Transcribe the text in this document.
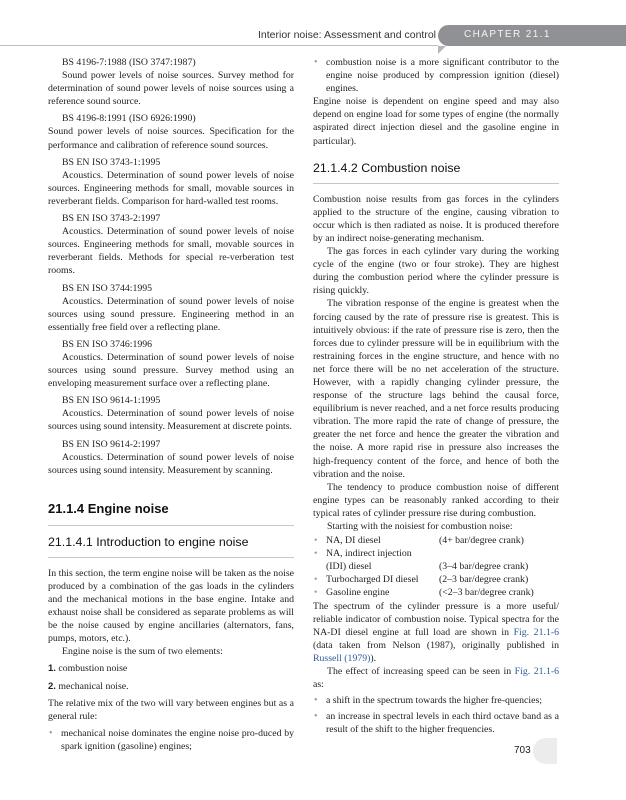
Interior noise: Assessment and control	CHAPTER 21.1

BS 4196-7:1988 (ISO 3747:1987)

Sound power levels of noise sources. Survey method for determination of sound power levels of noise sources using a reference sound source.

BS 4196-8:1991 (ISO 6926:1990)

Sound power levels of noise sources. Specification for the performance and calibration of reference sound sources.

BS EN ISO 3743-1:1995

Acoustics. Determination of sound power levels of noise sources. Engineering methods for small, movable sources in reverberant fields. Comparison for hard-walled test rooms.

BS EN ISO 3743-2:1997

Acoustics. Determination of sound power levels of noise sources. Engineering methods for small, movable sources in reverberant fields. Methods for special re-verberation test rooms.

BS EN ISO 3744:1995

Acoustics. Determination of sound power levels of noise sources using sound pressure. Engineering method in an essentially free field over a reflecting plane.

BS EN ISO 3746:1996

Acoustics. Determination of sound power levels of noise sources using sound pressure. Survey method using an enveloping measurement surface over a reflecting plane.

BS EN ISO 9614-1:1995

Acoustics. Determination of sound power levels of noise sources using sound intensity. Measurement at discrete points.

BS EN ISO 9614-2:1997

Acoustics. Determination of sound power levels of noise sources using sound intensity. Measurement by scanning.

21.1.4 Engine noise
21.1.4.1 Introduction to engine noise

In this section, the term engine noise will be taken as the noise produced by a combination of the gas loads in the cylinders and the mechanical motions in the base engine. Intake and exhaust noise shall be considered as separate problems as will be the noise caused by engine ancillaries (alternators, fans, pumps, motors, etc.).

Engine noise is the sum of two elements:

1. combustion noise
2. mechanical noise.

The relative mix of the two will vary between engines but as a general rule:

• mechanical noise dominates the engine noise pro-duced by spark ignition (gasoline) engines;
• combustion noise is a more significant contributor to the engine noise produced by compression ignition (diesel) engines.

Engine noise is dependent on engine speed and may also depend on engine load for some types of engine (the normally aspirated direct injection diesel and the gasoline engine in particular).

21.1.4.2 Combustion noise

Combustion noise results from gas forces in the cylinders applied to the structure of the engine, causing vibration to occur which is then radiated as noise. It is produced therefore by an indirect noise-generating mechanism.

The gas forces in each cylinder vary during the working cycle of the engine (two or four stroke). They are highest during the combustion period where the cylinder pressure is rising quickly.

The vibration response of the engine is greatest when the forcing caused by the rate of pressure rise is greatest. This is intuitively obvious: if the rate of pressure rise is zero, then the forces due to cylinder pressure will be in equilibrium with the restraining forces in the engine structure, and hence with no net force there will be no net acceleration of the structure. However, with a rapidly changing cylinder pressure, the response of the structure lags behind the causal force, equilibrium is never reached, and a net force results producing vibration. The more rapid the rate of change of pressure, the greater the net force and hence the greater the vibration and the noise. A more rapid rise in pressure also increases the high-frequency content of the force, and hence of both the vibration and the noise.

The tendency to produce combustion noise of different engine types can be reasonably ranked according to their typical rates of cylinder pressure rise during combustion.

Starting with the noisiest for combustion noise:

• NA, DI diesel	(4+ bar/degree crank)
• NA, indirect injection
(IDI) diesel	(3–4 bar/degree crank)
• Turbocharged DI diesel	(2–3 bar/degree crank)
• Gasoline engine	(<2–3 bar/degree crank)

The spectrum of the cylinder pressure is a more useful/ reliable indicator of combustion noise. Typical spectra for the NA-DI diesel engine at full load are shown in Fig. 21.1-6 (data taken from Nelson (1987), originally published in Russell (1979)).

The effect of increasing speed can be seen in Fig. 21.1-6 as:

• a shift in the spectrum towards the higher fre-quencies;
• an increase in spectral levels in each third octave band as a result of the shift to the higher frequencies.
703
